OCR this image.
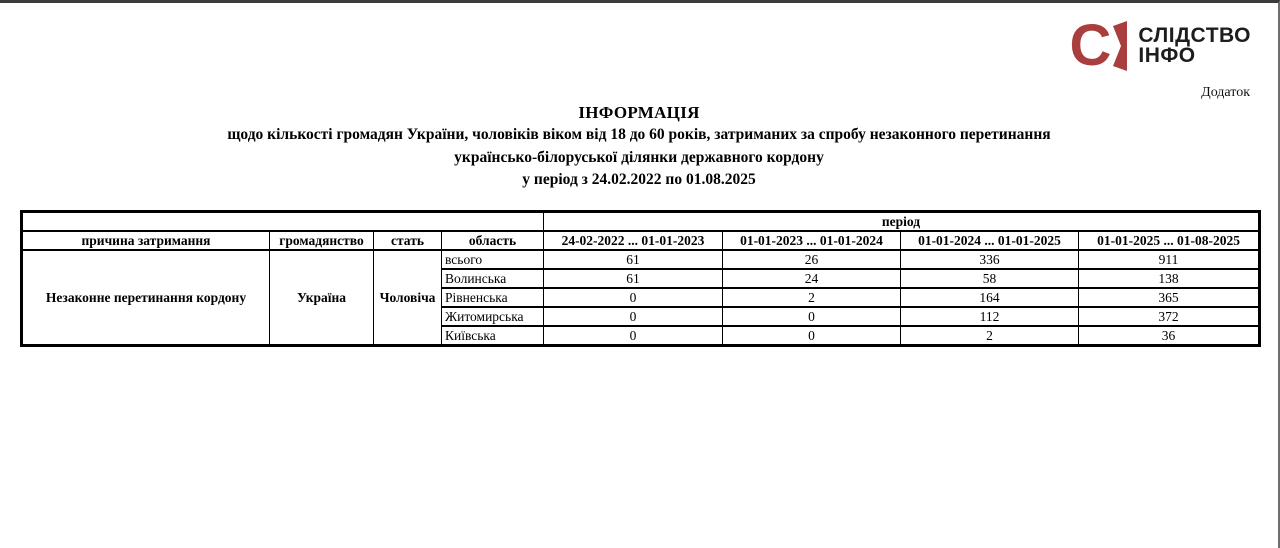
С СЛІДСТВО
ІНФО
Додаток
ІНФОРМАЦІЯ
щодо кількості громадян України, чоловіків віком від 18 до 60 років, затриманих за спробу незаконного перетинання
українсько-білоруської ділянки державного кордону
у період з 24.02.2022 по 01.08.2025
				період			
причина затримання	громадянство	стать	область	24-02-2022 ... 01-01-2023	01-01-2023 ... 01-01-2024	01-01-2024 ... 01-01-2025	01-01-2025 ... 01-08-2025
Незаконне перетинання кордону	Україна	Чоловіча	всього	61	26	336	911
			Волинська	61	24	58	138
			Рівненська	0	2	164	365
			Житомирська	0	0	112	372
			Київська	0	0	2	36
